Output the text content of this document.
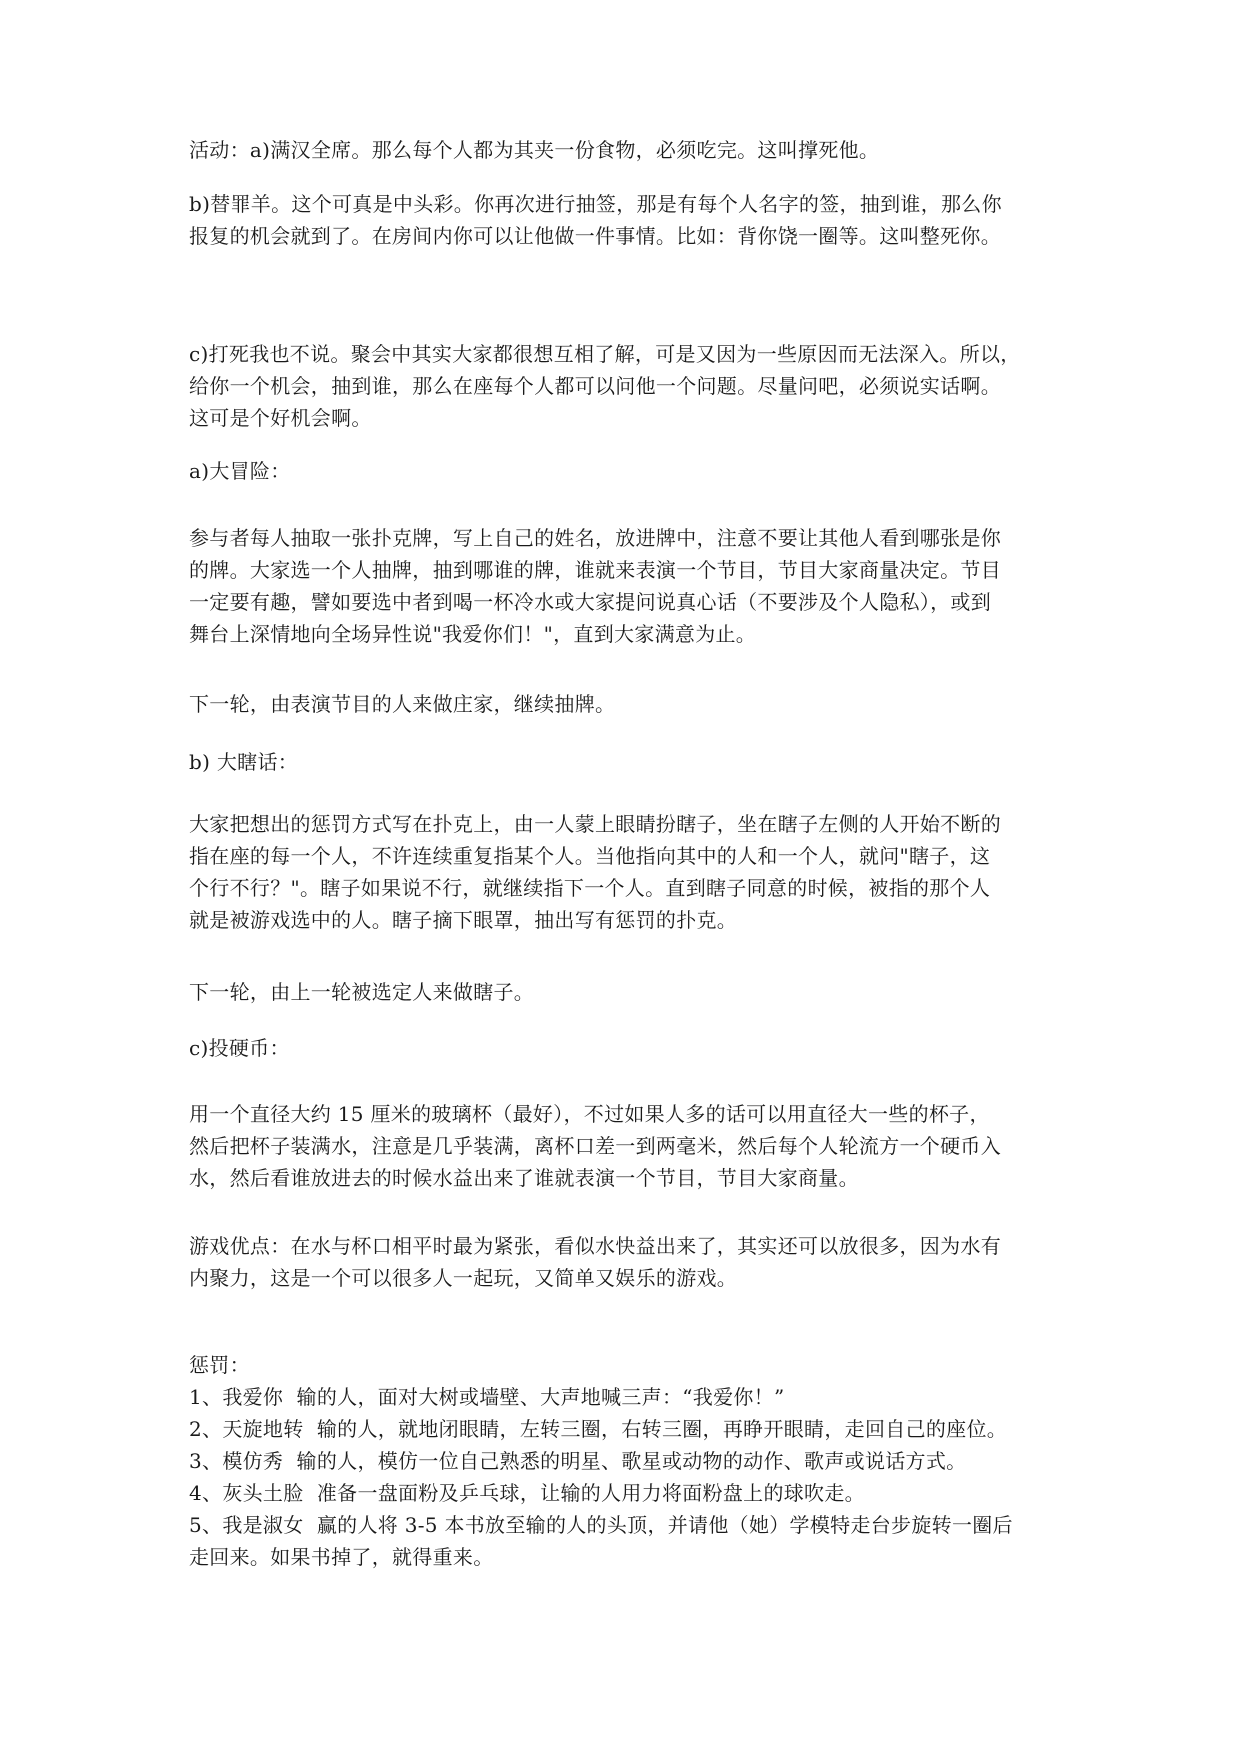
活动：a)满汉全席。那么每个人都为其夹一份食物，必须吃完。这叫撑死他。

b)替罪羊。这个可真是中头彩。你再次进行抽签，那是有每个人名字的签，抽到谁，那么你
报复的机会就到了。在房间内你可以让他做一件事情。比如：背你饶一圈等。这叫整死你。

c)打死我也不说。聚会中其实大家都很想互相了解，可是又因为一些原因而无法深入。所以，
给你一个机会，抽到谁，那么在座每个人都可以问他一个问题。尽量问吧，必须说实话啊。
这可是个好机会啊。

a)大冒险：

参与者每人抽取一张扑克牌，写上自己的姓名，放进牌中，注意不要让其他人看到哪张是你
的牌。大家选一个人抽牌，抽到哪谁的牌，谁就来表演一个节目，节目大家商量决定。节目
一定要有趣，譬如要选中者到喝一杯冷水或大家提问说真心话（不要涉及个人隐私），或到
舞台上深情地向全场异性说"我爱你们！"，直到大家满意为止。

下一轮，由表演节目的人来做庄家，继续抽牌。

b) 大瞎话：

大家把想出的惩罚方式写在扑克上，由一人蒙上眼睛扮瞎子，坐在瞎子左侧的人开始不断的
指在座的每一个人，不许连续重复指某个人。当他指向其中的人和一个人，就问"瞎子，这
个行不行？"。瞎子如果说不行，就继续指下一个人。直到瞎子同意的时候，被指的那个人
就是被游戏选中的人。瞎子摘下眼罩，抽出写有惩罚的扑克。

下一轮，由上一轮被选定人来做瞎子。

c)投硬币：

用一个直径大约 15 厘米的玻璃杯（最好），不过如果人多的话可以用直径大一些的杯子，
然后把杯子装满水，注意是几乎装满，离杯口差一到两毫米，然后每个人轮流方一个硬币入
水，然后看谁放进去的时候水益出来了谁就表演一个节目，节目大家商量。

游戏优点：在水与杯口相平时最为紧张，看似水快益出来了，其实还可以放很多，因为水有
内聚力，这是一个可以很多人一起玩，又简单又娱乐的游戏。

惩罚：
1、我爱你  输的人，面对大树或墙壁、大声地喊三声：“我爱你！”
2、天旋地转  输的人，就地闭眼睛，左转三圈，右转三圈，再睁开眼睛，走回自己的座位。
3、模仿秀  输的人，模仿一位自己熟悉的明星、歌星或动物的动作、歌声或说话方式。
4、灰头土脸  准备一盘面粉及乒乓球，让输的人用力将面粉盘上的球吹走。
5、我是淑女  赢的人将 3-5 本书放至输的人的头顶，并请他（她）学模特走台步旋转一圈后
走回来。如果书掉了，就得重来。
